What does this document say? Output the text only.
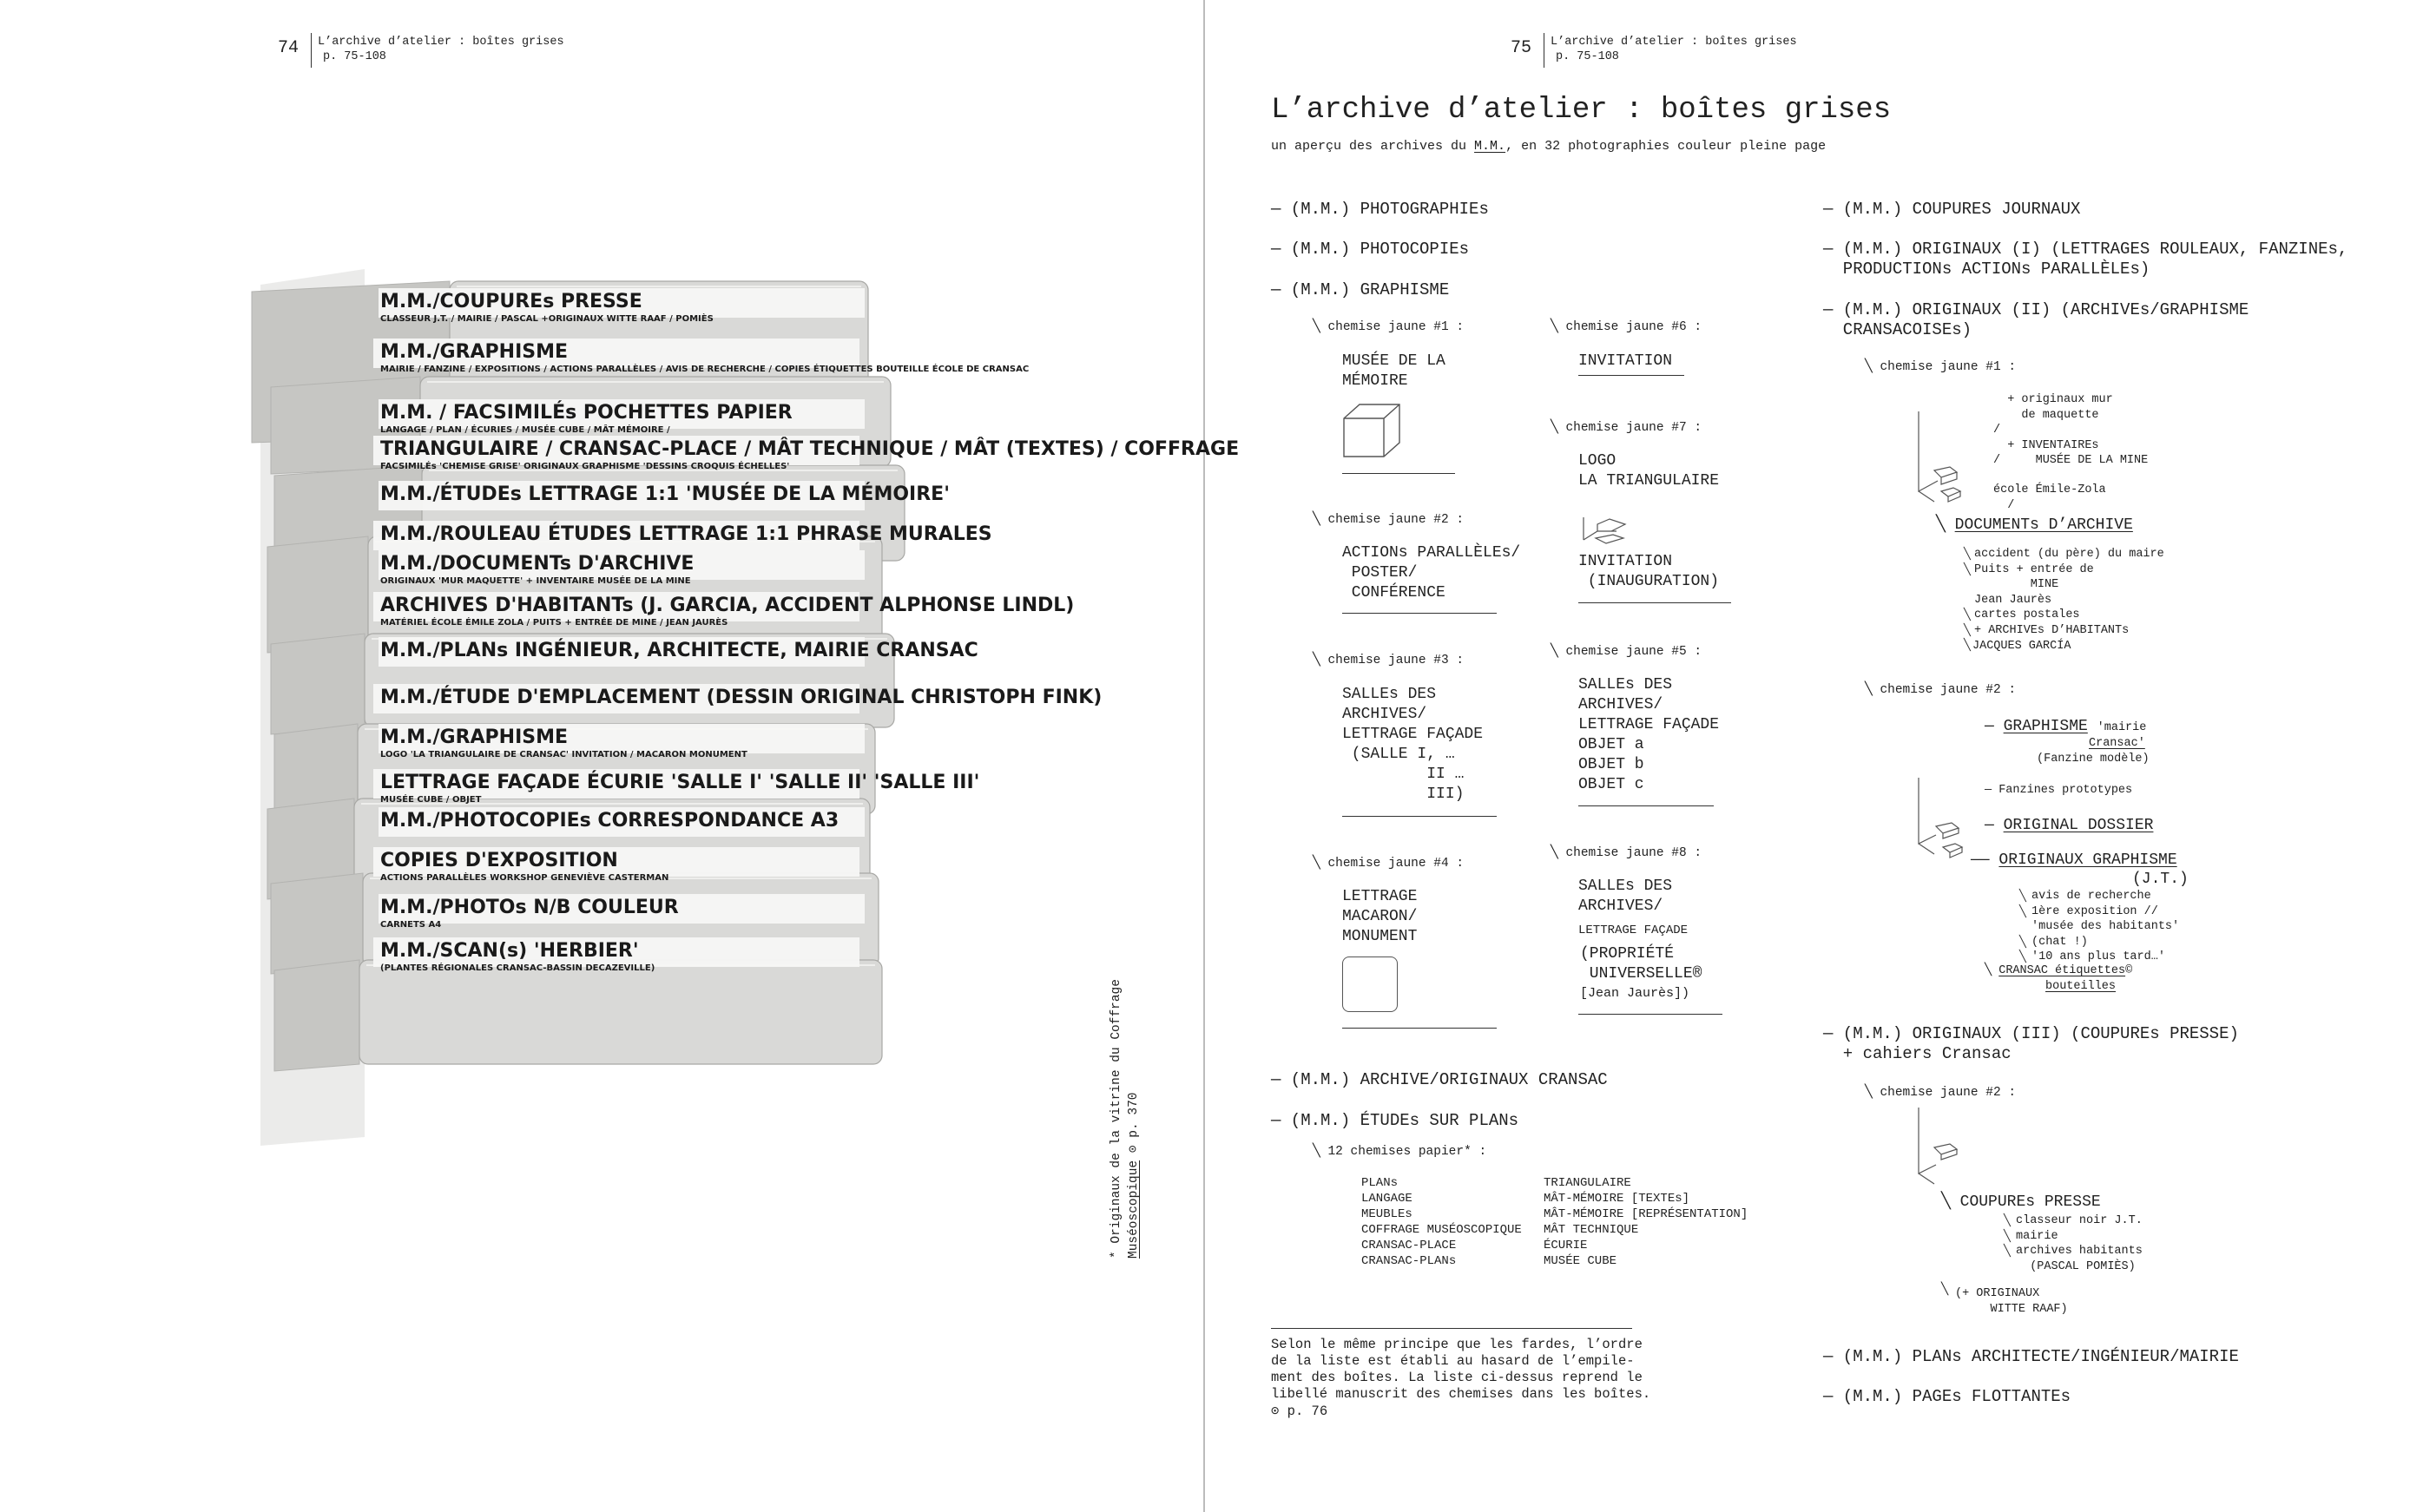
74 L’archive d’atelier : boîtes grises
p. 75-108
M.M./COUPUREs PRESSE
CLASSEUR J.T. / MAIRIE / PASCAL +ORIGINAUX WITTE RAAF / POMIÈS
M.M./GRAPHISME
MAIRIE / FANZINE / EXPOSITIONS / ACTIONS PARALLÈLES / AVIS DE RECHERCHE / COPIES ÉTIQUETTES BOUTEILLE ÉCOLE DE CRANSAC
M.M. / FACSIMILÉs POCHETTES PAPIER
LANGAGE / PLAN / ÉCURIES / MUSÉE CUBE / MÂT MÉMOIRE /
TRIANGULAIRE / CRANSAC-PLACE / MÂT TECHNIQUE / MÂT (TEXTES) / COFFRAGE
FACSIMILÉs 'CHEMISE GRISE' ORIGINAUX GRAPHISME 'DESSINS CROQUIS ÉCHELLES'
M.M./ÉTUDEs LETTRAGE 1:1 'MUSÉE DE LA MÉMOIRE'
M.M./ROULEAU ÉTUDES LETTRAGE 1:1 PHRASE MURALES
M.M./DOCUMENTs D'ARCHIVE
ORIGINAUX 'MUR MAQUETTE' + INVENTAIRE MUSÉE DE LA MINE
ARCHIVES D'HABITANTs (J. GARCIA, ACCIDENT ALPHONSE LINDL)
MATÉRIEL ÉCOLE ÉMILE ZOLA / PUITS + ENTRÉE DE MINE / JEAN JAURÈS
M.M./PLANs INGÉNIEUR, ARCHITECTE, MAIRIE CRANSAC
M.M./ÉTUDE D'EMPLACEMENT (DESSIN ORIGINAL CHRISTOPH FINK)
M.M./GRAPHISME
LOGO 'LA TRIANGULAIRE DE CRANSAC' INVITATION / MACARON MONUMENT
LETTRAGE FAÇADE ÉCURIE 'SALLE I' 'SALLE II' 'SALLE III'
MUSÉE CUBE / OBJET
M.M./PHOTOCOPIEs CORRESPONDANCE A3
COPIES D'EXPOSITION
ACTIONS PARALLÈLES WORKSHOP GENEVIÈVE CASTERMAN
M.M./PHOTOs N/B COULEUR
CARNETS A4
M.M./SCAN(s) 'HERBIER'
(PLANTES RÉGIONALES CRANSAC-BASSIN DECAZEVILLE)
* Originaux de la vitrine du Coffrage Muséoscopique ⊙ p. 370
75 L’archive d’atelier : boîtes grises
p. 75-108
L’archive d’atelier : boîtes grises
un aperçu des archives du M.M., en 32 photographies couleur pleine page
— (M.M.) PHOTOGRAPHIEs
— (M.M.) PHOTOCOPIEs
— (M.M.) GRAPHISME
╲ chemise jaune #1 :
MUSÉE DE LA
MÉMOIRE
╲ chemise jaune #6 :
INVITATION
╲ chemise jaune #7 :
LOGO
LA TRIANGULAIRE
INVITATION
(INAUGURATION)
╲ chemise jaune #2 :
ACTIONs PARALLÈLEs/
POSTER/
CONFÉRENCE
╲ chemise jaune #3 :
SALLEs DES
ARCHIVES/
LETTRAGE FAÇADE
(SALLE I, …
II …
III)
╲ chemise jaune #5 :
SALLEs DES
ARCHIVES/
LETTRAGE FAÇADE
OBJET a
OBJET b
OBJET c
╲ chemise jaune #4 :
LETTRAGE
MACARON/
MONUMENT
╲ chemise jaune #8 :
SALLEs DES
ARCHIVES/
LETTRAGE FAÇADE
(PROPRIÉTÉ
UNIVERSELLE®
[Jean Jaurès])
— (M.M.) ARCHIVE/ORIGINAUX CRANSAC
— (M.M.) ÉTUDEs SUR PLANs
╲ 12 chemises papier* :
PLANs
LANGAGE
MEUBLEs
COFFRAGE MUSÉOSCOPIQUE
CRANSAC-PLACE
CRANSAC-PLANs
TRIANGULAIRE
MÂT-MÉMOIRE [TEXTEs]
MÂT-MÉMOIRE [REPRÉSENTATION]
MÂT TECHNIQUE
ÉCURIE
MUSÉE CUBE
Selon le même principe que les fardes, l’ordre
de la liste est établi au hasard de l’empile-
ment des boîtes. La liste ci-dessus reprend le
libellé manuscrit des chemises dans les boîtes.
⊙ p. 76
— (M.M.) COUPURES JOURNAUX
— (M.M.) ORIGINAUX (I) (LETTRAGES ROULEAUX, FANZINEs,
PRODUCTIONs ACTIONs PARALLÈLEs)
— (M.M.) ORIGINAUX (II) (ARCHIVEs/GRAPHISME
CRANSACOISEs)
╲ chemise jaune #1 :
+ originaux mur
de maquette
/
+ INVENTAIREs
/     MUSÉE DE LA MINE
école Émile-Zola
/
╲ DOCUMENTs D’ARCHIVE
accident (du père) du maire
Puits + entrée de
MINE
Jean Jaurès
cartes postales
+ ARCHIVEs D’HABITANTs
JACQUES GARCÍA
╲
╲

╲
╲
╲
╲ chemise jaune #2 :
— GRAPHISME 'mairie
Cransac'
(Fanzine modèle)
— Fanzines prototypes
— ORIGINAL DOSSIER
—— ORIGINAUX GRAPHISME
(J.T.)
avis de recherche
1ère exposition //
'musée des habitants'
(chat !)
'10 ans plus tard…'
╲
╲

╲
╲
╲ CRANSAC étiquettes©
bouteilles
— (M.M.) ORIGINAUX (III) (COUPUREs PRESSE)
+ cahiers Cransac
╲ chemise jaune #2 :
╲ COUPUREs PRESSE
classeur noir J.T.
mairie
archives habitants
(PASCAL POMIÈS)
╲
╲
╲
╲ (+ ORIGINAUX
WITTE RAAF)
— (M.M.) PLANs ARCHITECTE/INGÉNIEUR/MAIRIE
— (M.M.) PAGEs FLOTTANTEs
